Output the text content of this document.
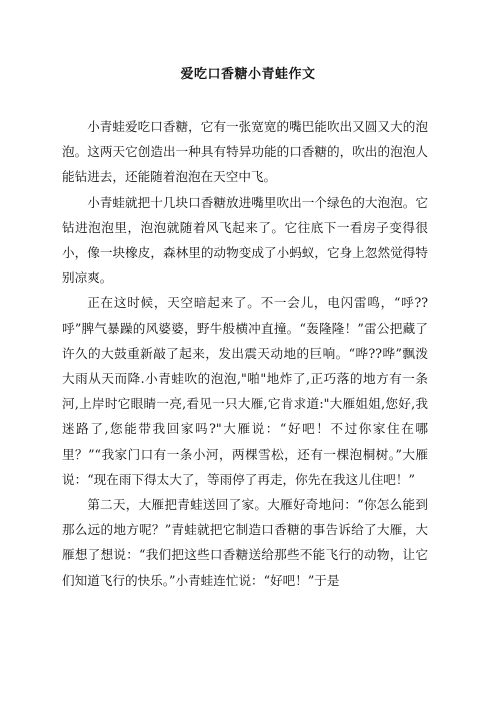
爱吃口香糖小青蛙作文

小青蛙爱吃口香糖，它有一张宽宽的嘴巴能吹出又圆又大的泡泡。这两天它创造出一种具有特异功能的口香糖的，吹出的泡泡人能钻进去，还能随着泡泡在天空中飞。

小青蛙就把十几块口香糖放进嘴里吹出一个绿色的大泡泡。它钻进泡泡里，泡泡就随着风飞起来了。它往底下一看房子变得很小，像一块橡皮，森林里的动物变成了小蚂蚁，它身上忽然觉得特别凉爽。

正在这时候，天空暗起来了。不一会儿，电闪雷鸣，“呼??呼”脾气暴躁的风婆婆，野牛般横冲直撞。“轰隆隆！”雷公把藏了许久的大鼓重新敲了起来，发出震天动地的巨响。“哗??哗”飘泼大雨从天而降.小青蛙吹的泡泡,"啪"地炸了,正巧落的地方有一条河,上岸时它眼睛一亮,看见一只大雁,它肯求道:"大雁姐姐,您好,我迷路了,您能带我回家吗?"大雁说：“好吧！不过你家住在哪里？”“我家门口有一条小河，两棵雪松，还有一棵泡桐树。”大雁说：“现在雨下得太大了，等雨停了再走，你先在我这儿住吧！”

第二天，大雁把青蛙送回了家。大雁好奇地问：“你怎么能到那么远的地方呢？”青蛙就把它制造口香糖的事告诉给了大雁，大雁想了想说：“我们把这些口香糖送给那些不能飞行的动物，让它们知道飞行的快乐。”小青蛙连忙说：“好吧！”于是
